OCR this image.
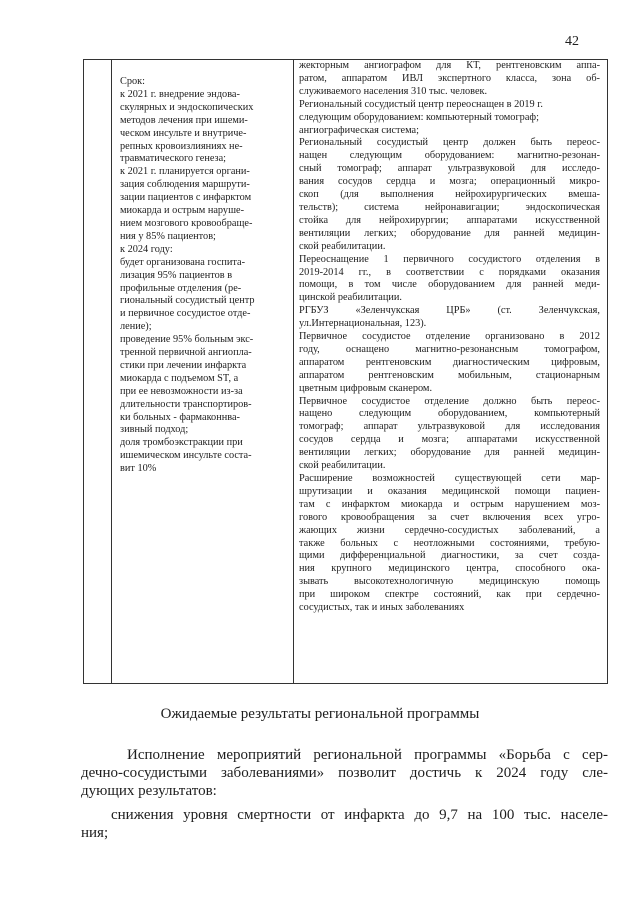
42
Срок:
к 2021 г. внедрение эндова-
скулярных и эндоскопических
методов лечения при ишеми-
ческом инсульте и внутриче-
репных кровоизлияниях не-
травматического генеза;
к 2021 г. планируется органи-
зация соблюдения маршрути-
зации пациентов с инфарктом
миокарда и острым наруше-
нием мозгового кровообраще-
ния у 85% пациентов;
к 2024 году:
будет организована госпита-
лизация 95% пациентов в
профильные отделения (ре-
гиональный сосудистый центр
и первичное сосудистое отде-
ление);
проведение 95% больным экс-
тренной первичной ангиопла-
стики при лечении инфаркта
миокарда с подъемом ST, а
при ее невозможности из-за
длительности транспортиров-
ки больных - фармаконнва-
зивный подход;
доля тромбоэкстракции при
ишемическом инсульте соста-
вит 10%
жекторным ангиографом для КТ, рентгеновским аппа-
ратом, аппаратом ИВЛ экспертного класса, зона об-
служиваемого населения 310 тыс. человек.
Региональный сосудистый центр переоснащен в 2019 г.
следующим оборудованием: компьютерный томограф;
ангиографическая система;
Региональный сосудистый центр должен быть переос-
нащен следующим оборудованием: магнитно-резонан-
сный томограф; аппарат ультразвуковой для исследо-
вания сосудов сердца и мозга; операционный микро-
скоп (для выполнения нейрохирургических вмеша-
тельств); система нейронавигации; эндоскопическая
стойка для нейрохирургии; аппаратами искусственной
вентиляции легких; оборудование для ранней медицин-
ской реабилитации.
Переоснащение 1 первичного сосудистого отделения в
2019-2014 гг., в соответствии с порядками оказания
помощи, в том числе оборудованием для ранней меди-
цинской реабилитации.
РГБУЗ «Зеленчукская ЦРБ» (ст. Зеленчукская,
ул.Интернациональная, 123).
Первичное сосудистое отделение организовано в 2012
году, оснащено магнитно-резонансным томографом,
аппаратом рентгеновским диагностическим цифровым,
аппаратом рентгеновским мобильным, стационарным
цветным цифровым сканером.
Первичное сосудистое отделение должно быть переос-
нащено следующим оборудованием, компьютерный
томограф; аппарат ультразвуковой для исследования
сосудов сердца и мозга; аппаратами искусственной
вентиляции легких; оборудование для ранней медицин-
ской реабилитации.
Расширение возможностей существующей сети мар-
шрутизации и оказания медицинской помощи пациен-
там с инфарктом миокарда и острым нарушением моз-
гового кровообращения за счет включения всех угро-
жающих жизни сердечно-сосудистых заболеваний, а
также больных с неотложными состояниями, требую-
щими дифференциальной диагностики, за счет созда-
ния крупного медицинского центра, способного ока-
зывать высокотехнологичную медицинскую помощь
при широком спектре состояний, как при сердечно-
сосудистых, так и иных заболеваниях
Ожидаемые результаты региональной программы
Исполнение мероприятий региональной программы «Борьба с сер-
дечно-сосудистыми заболеваниями» позволит достичь к 2024 году сле-
дующих результатов:
снижения уровня смертности от инфаркта до 9,7 на 100 тыс. населе-
ния;
